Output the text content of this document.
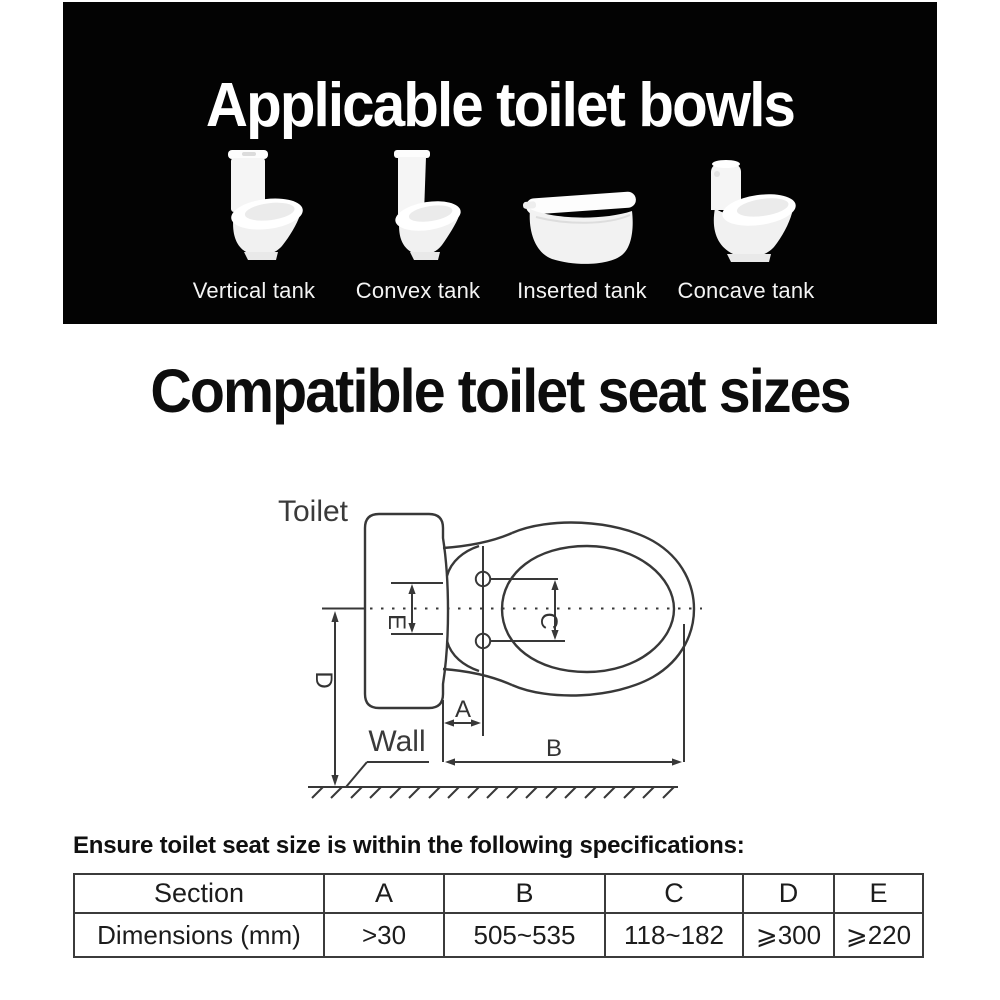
Applicable toilet bowls
Vertical tank Convex tank Inserted tank Concave tank
Compatible toilet seat sizes
E	C
D
A
B
Toilet
Wall

Ensure toilet seat size is within the following specifications:

Section	A	B	C	D	E
Dimensions (mm)	>30	505~535	118~182	⩾300	⩾220
